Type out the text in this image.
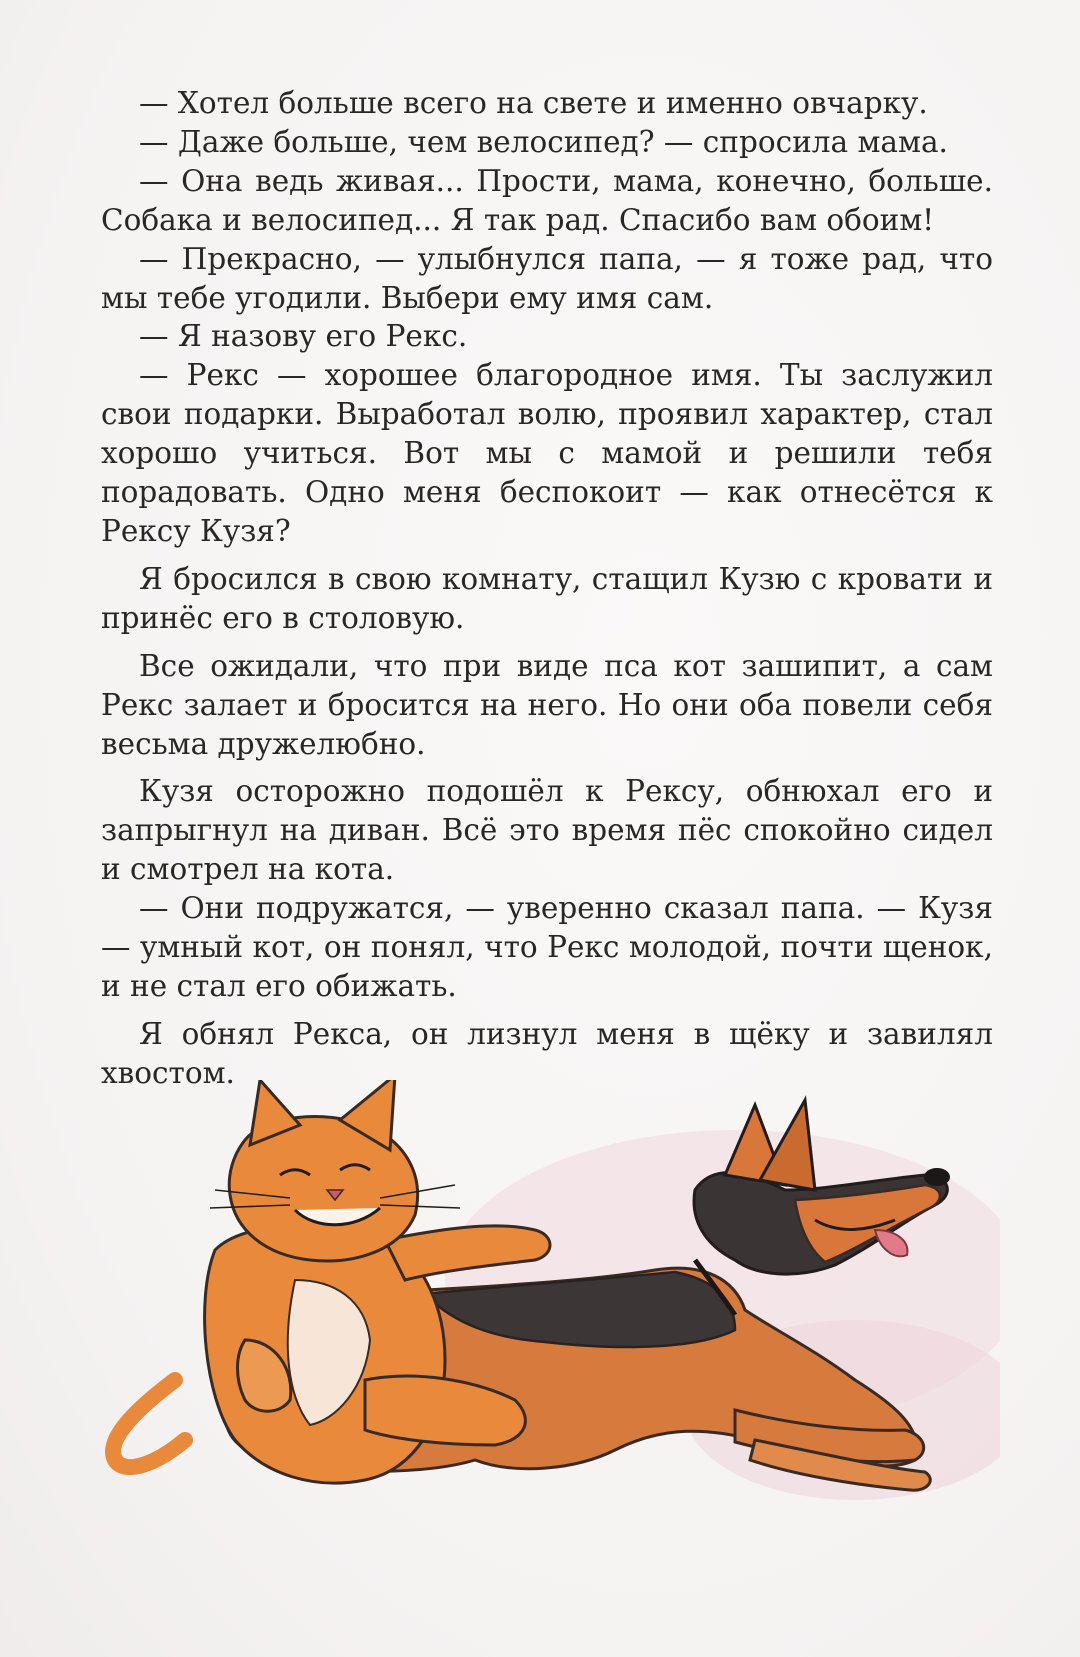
— Хотел больше всего на свете и именно овчарку.

— Даже больше, чем велосипед? — спросила мама.

— Она ведь живая... Прости, мама, конечно, больше. Собака и велосипед... Я так рад. Спасибо вам обоим!

— Прекрасно, — улыбнулся папа, — я тоже рад, что мы тебе угодили. Выбери ему имя сам.

— Я назову его Рекс.

— Рекс — хорошее благородное имя. Ты заслужил свои подарки. Выработал волю, проявил характер, стал хорошо учиться. Вот мы с мамой и решили тебя порадовать. Одно меня беспокоит — как отнесётся к Рексу Кузя?

Я бросился в свою комнату, стащил Кузю с кровати и принёс его в столовую.

Все ожидали, что при виде пса кот зашипит, а сам Рекс залает и бросится на него. Но они оба повели себя весьма дружелюбно.

Кузя осторожно подошёл к Рексу, обнюхал его и запрыгнул на диван. Всё это время пёс спокойно сидел и смотрел на кота.

— Они подружатся, — уверенно сказал папа. — Кузя — умный кот, он понял, что Рекс молодой, почти щенок, и не стал его обижать.

Я обнял Рекса, он лизнул меня в щёку и завилял хвостом.
